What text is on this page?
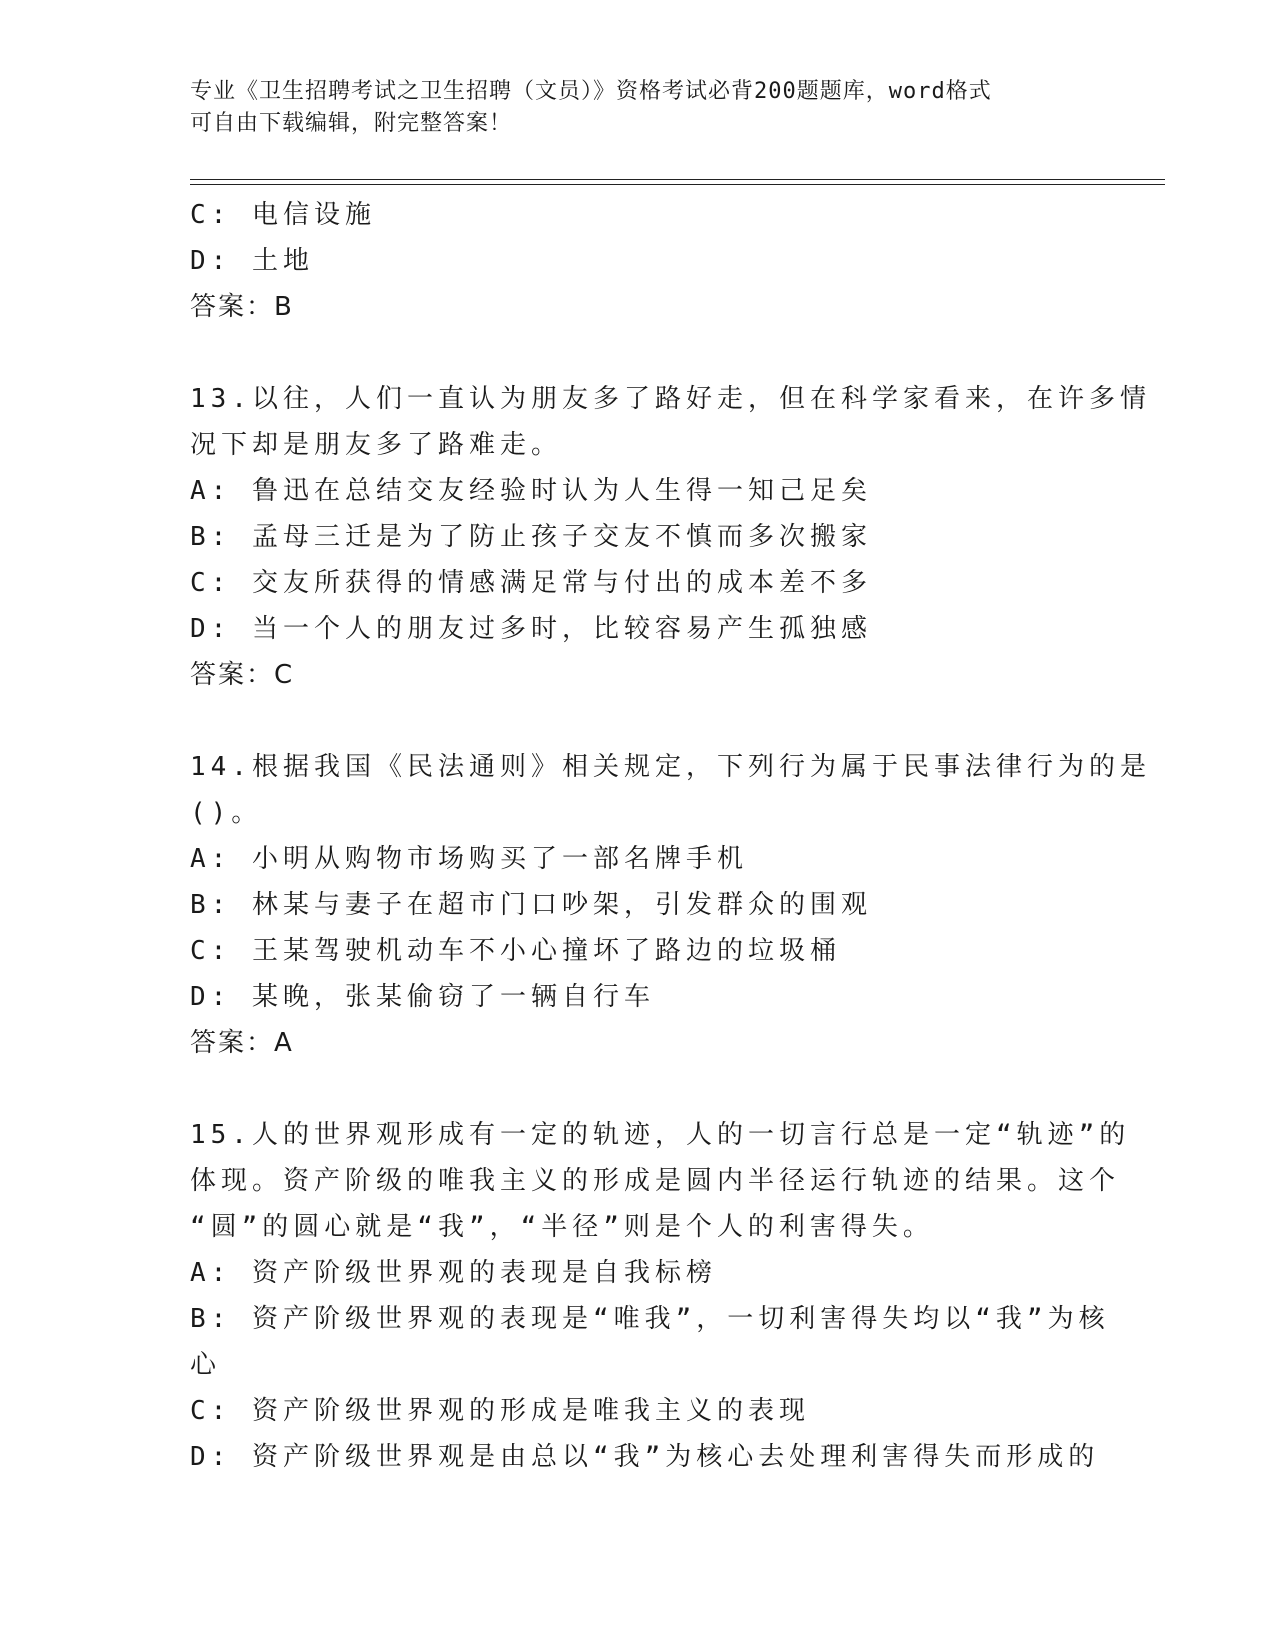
专业《卫生招聘考试之卫生招聘（文员）》资格考试必背200题题库，word格式
可自由下载编辑，附完整答案！
C: 电信设施
D: 土地
答案：B
13.以往，人们一直认为朋友多了路好走，但在科学家看来，在许多情
况下却是朋友多了路难走。
A: 鲁迅在总结交友经验时认为人生得一知己足矣
B: 孟母三迁是为了防止孩子交友不慎而多次搬家
C: 交友所获得的情感满足常与付出的成本差不多
D: 当一个人的朋友过多时，比较容易产生孤独感
答案：C
14.根据我国《民法通则》相关规定，下列行为属于民事法律行为的是
()。
A: 小明从购物市场购买了一部名牌手机
B: 林某与妻子在超市门口吵架，引发群众的围观
C: 王某驾驶机动车不小心撞坏了路边的垃圾桶
D: 某晚，张某偷窃了一辆自行车
答案：A
15.人的世界观形成有一定的轨迹，人的一切言行总是一定“轨迹”的
体现。资产阶级的唯我主义的形成是圆内半径运行轨迹的结果。这个
“圆”的圆心就是“我”，“半径”则是个人的利害得失。
A: 资产阶级世界观的表现是自我标榜
B: 资产阶级世界观的表现是“唯我”，一切利害得失均以“我”为核
心
C: 资产阶级世界观的形成是唯我主义的表现
D: 资产阶级世界观是由总以“我”为核心去处理利害得失而形成的
